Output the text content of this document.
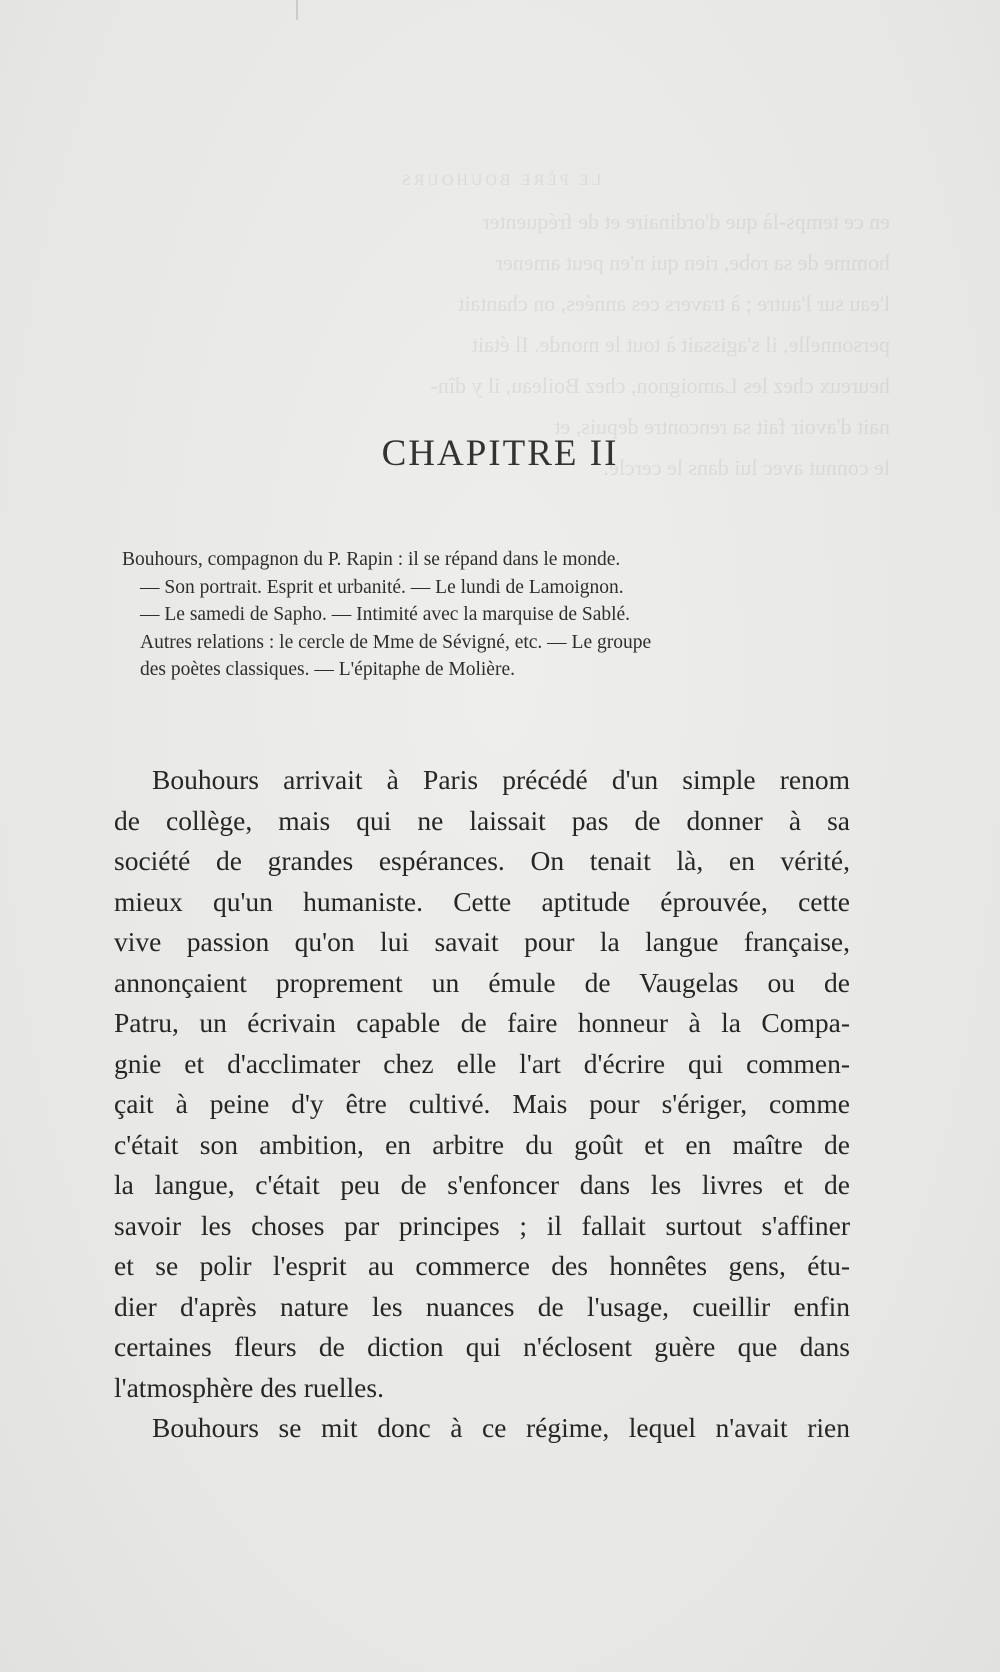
LE PÈRE BOUHOURS
en ce temps-là que d'ordinaire et de fréquenter
homme de sa robe, rien qui n'en peut amener
l'eau sur l'autre ; à travers ces années, on chantait
personnelle, il s'agissait à tout le monde. Il était
heureux chez les Lamoignon, chez Boileau, il y dîn-
nait d'avoir fait sa rencontre depuis, et
le connut avec lui dans le cercle.
CHAPITRE II
Bouhours, compagnon du P. Rapin : il se répand dans le monde.
— Son portrait. Esprit et urbanité. — Le lundi de Lamoignon.
— Le samedi de Sapho. — Intimité avec la marquise de Sablé.
Autres relations : le cercle de Mme de Sévigné, etc. — Le groupe
des poètes classiques. — L'épitaphe de Molière.
Bouhours arrivait à Paris précédé d'un simple renom
de collège, mais qui ne laissait pas de donner à sa
société de grandes espérances. On tenait là, en vérité,
mieux qu'un humaniste. Cette aptitude éprouvée, cette
vive passion qu'on lui savait pour la langue française,
annonçaient proprement un émule de Vaugelas ou de
Patru, un écrivain capable de faire honneur à la Compa-
gnie et d'acclimater chez elle l'art d'écrire qui commen-
çait à peine d'y être cultivé. Mais pour s'ériger, comme
c'était son ambition, en arbitre du goût et en maître de
la langue, c'était peu de s'enfoncer dans les livres et de
savoir les choses par principes ; il fallait surtout s'affiner
et se polir l'esprit au commerce des honnêtes gens, étu-
dier d'après nature les nuances de l'usage, cueillir enfin
certaines fleurs de diction qui n'éclosent guère que dans
l'atmosphère des ruelles.
Bouhours se mit donc à ce régime, lequel n'avait rien
